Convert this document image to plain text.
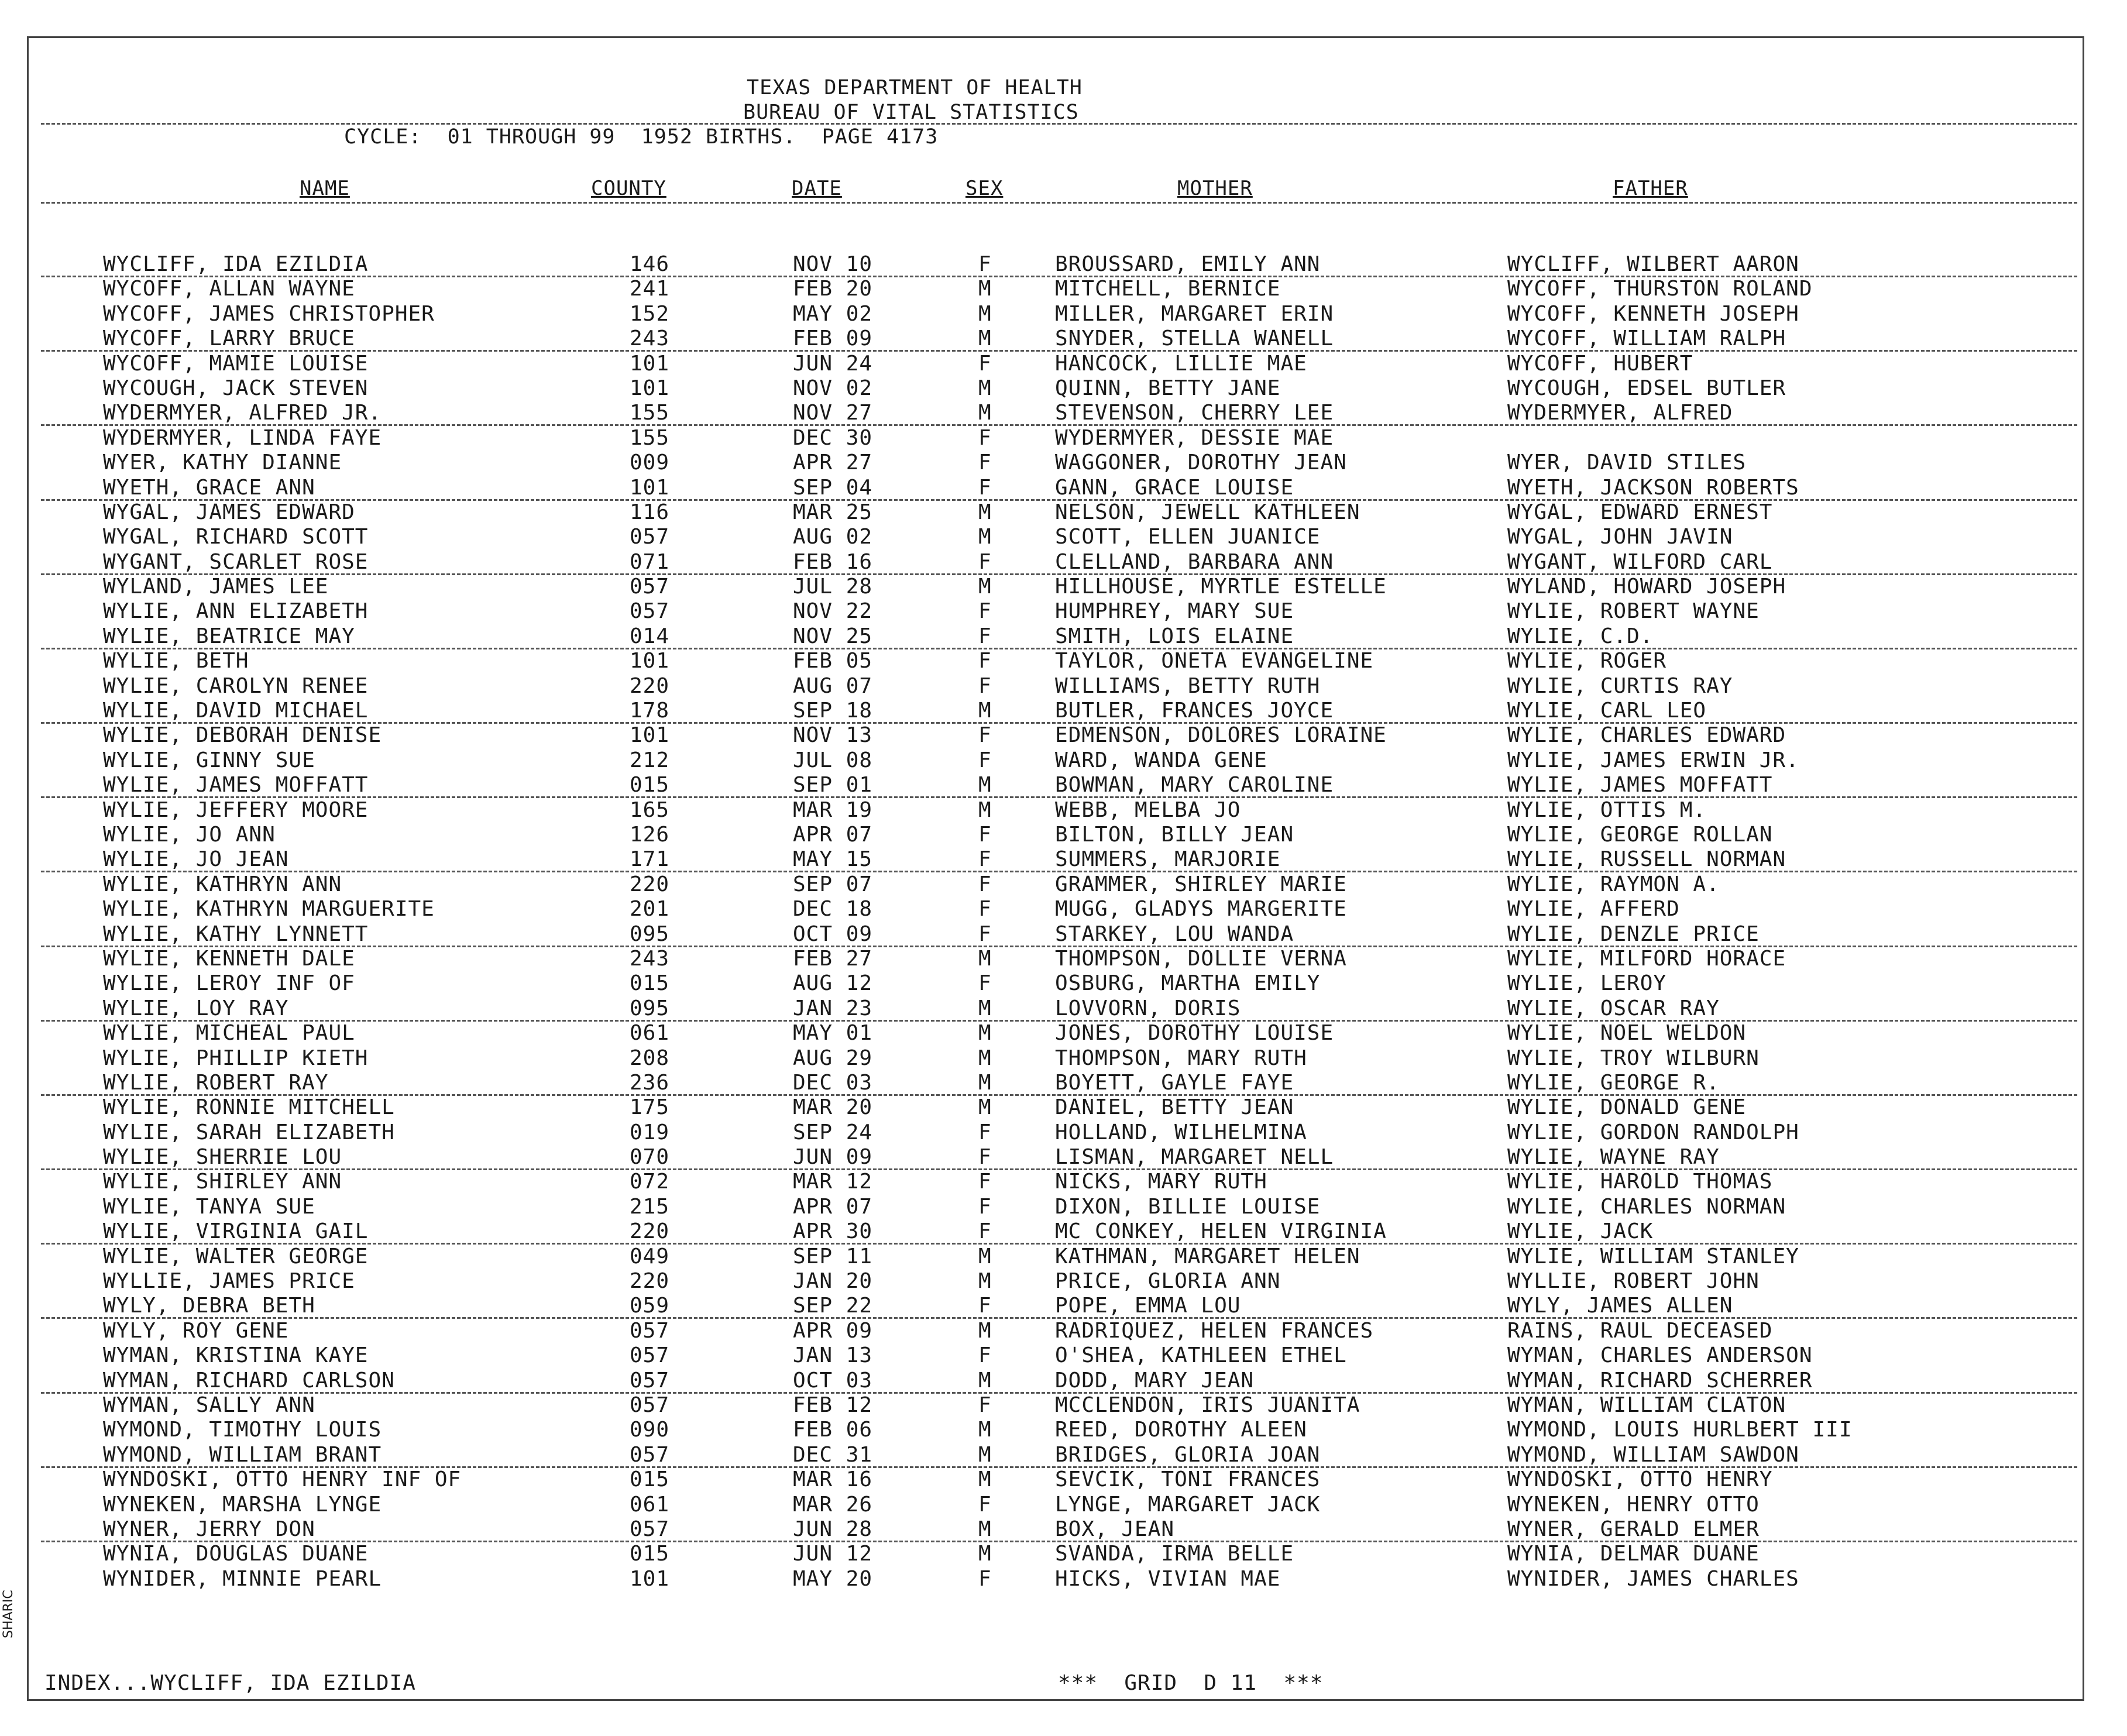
TEXAS DEPARTMENT OF HEALTH
BUREAU OF VITAL STATISTICS
CYCLE:  01 THROUGH 99  1952 BIRTHS.  PAGE 4173
NAME	COUNTY	DATE	SEX	MOTHER	FATHER
WYCLIFF, IDA EZILDIA	146	NOV 10	F	BROUSSARD, EMILY ANN	WYCLIFF, WILBERT AARON
WYCOFF, ALLAN WAYNE	241	FEB 20	M	MITCHELL, BERNICE	WYCOFF, THURSTON ROLAND
WYCOFF, JAMES CHRISTOPHER	152	MAY 02	M	MILLER, MARGARET ERIN	WYCOFF, KENNETH JOSEPH
WYCOFF, LARRY BRUCE	243	FEB 09	M	SNYDER, STELLA WANELL	WYCOFF, WILLIAM RALPH
WYCOFF, MAMIE LOUISE	101	JUN 24	F	HANCOCK, LILLIE MAE	WYCOFF, HUBERT
WYCOUGH, JACK STEVEN	101	NOV 02	M	QUINN, BETTY JANE	WYCOUGH, EDSEL BUTLER
WYDERMYER, ALFRED JR.	155	NOV 27	M	STEVENSON, CHERRY LEE	WYDERMYER, ALFRED
WYDERMYER, LINDA FAYE	155	DEC 30	F	WYDERMYER, DESSIE MAE
WYER, KATHY DIANNE	009	APR 27	F	WAGGONER, DOROTHY JEAN	WYER, DAVID STILES
WYETH, GRACE ANN	101	SEP 04	F	GANN, GRACE LOUISE	WYETH, JACKSON ROBERTS
WYGAL, JAMES EDWARD	116	MAR 25	M	NELSON, JEWELL KATHLEEN	WYGAL, EDWARD ERNEST
WYGAL, RICHARD SCOTT	057	AUG 02	M	SCOTT, ELLEN JUANICE	WYGAL, JOHN JAVIN
WYGANT, SCARLET ROSE	071	FEB 16	F	CLELLAND, BARBARA ANN	WYGANT, WILFORD CARL
WYLAND, JAMES LEE	057	JUL 28	M	HILLHOUSE, MYRTLE ESTELLE	WYLAND, HOWARD JOSEPH
WYLIE, ANN ELIZABETH	057	NOV 22	F	HUMPHREY, MARY SUE	WYLIE, ROBERT WAYNE
WYLIE, BEATRICE MAY	014	NOV 25	F	SMITH, LOIS ELAINE	WYLIE, C.D.
WYLIE, BETH	101	FEB 05	F	TAYLOR, ONETA EVANGELINE	WYLIE, ROGER
WYLIE, CAROLYN RENEE	220	AUG 07	F	WILLIAMS, BETTY RUTH	WYLIE, CURTIS RAY
WYLIE, DAVID MICHAEL	178	SEP 18	M	BUTLER, FRANCES JOYCE	WYLIE, CARL LEO
WYLIE, DEBORAH DENISE	101	NOV 13	F	EDMENSON, DOLORES LORAINE	WYLIE, CHARLES EDWARD
WYLIE, GINNY SUE	212	JUL 08	F	WARD, WANDA GENE	WYLIE, JAMES ERWIN JR.
WYLIE, JAMES MOFFATT	015	SEP 01	M	BOWMAN, MARY CAROLINE	WYLIE, JAMES MOFFATT
WYLIE, JEFFERY MOORE	165	MAR 19	M	WEBB, MELBA JO	WYLIE, OTTIS M.
WYLIE, JO ANN	126	APR 07	F	BILTON, BILLY JEAN	WYLIE, GEORGE ROLLAN
WYLIE, JO JEAN	171	MAY 15	F	SUMMERS, MARJORIE	WYLIE, RUSSELL NORMAN
WYLIE, KATHRYN ANN	220	SEP 07	F	GRAMMER, SHIRLEY MARIE	WYLIE, RAYMON A.
WYLIE, KATHRYN MARGUERITE	201	DEC 18	F	MUGG, GLADYS MARGERITE	WYLIE, AFFERD
WYLIE, KATHY LYNNETT	095	OCT 09	F	STARKEY, LOU WANDA	WYLIE, DENZLE PRICE
WYLIE, KENNETH DALE	243	FEB 27	M	THOMPSON, DOLLIE VERNA	WYLIE, MILFORD HORACE
WYLIE, LEROY INF OF	015	AUG 12	F	OSBURG, MARTHA EMILY	WYLIE, LEROY
WYLIE, LOY RAY	095	JAN 23	M	LOVVORN, DORIS	WYLIE, OSCAR RAY
WYLIE, MICHEAL PAUL	061	MAY 01	M	JONES, DOROTHY LOUISE	WYLIE, NOEL WELDON
WYLIE, PHILLIP KIETH	208	AUG 29	M	THOMPSON, MARY RUTH	WYLIE, TROY WILBURN
WYLIE, ROBERT RAY	236	DEC 03	M	BOYETT, GAYLE FAYE	WYLIE, GEORGE R.
WYLIE, RONNIE MITCHELL	175	MAR 20	M	DANIEL, BETTY JEAN	WYLIE, DONALD GENE
WYLIE, SARAH ELIZABETH	019	SEP 24	F	HOLLAND, WILHELMINA	WYLIE, GORDON RANDOLPH
WYLIE, SHERRIE LOU	070	JUN 09	F	LISMAN, MARGARET NELL	WYLIE, WAYNE RAY
WYLIE, SHIRLEY ANN	072	MAR 12	F	NICKS, MARY RUTH	WYLIE, HAROLD THOMAS
WYLIE, TANYA SUE	215	APR 07	F	DIXON, BILLIE LOUISE	WYLIE, CHARLES NORMAN
WYLIE, VIRGINIA GAIL	220	APR 30	F	MC CONKEY, HELEN VIRGINIA	WYLIE, JACK
WYLIE, WALTER GEORGE	049	SEP 11	M	KATHMAN, MARGARET HELEN	WYLIE, WILLIAM STANLEY
WYLLIE, JAMES PRICE	220	JAN 20	M	PRICE, GLORIA ANN	WYLLIE, ROBERT JOHN
WYLY, DEBRA BETH	059	SEP 22	F	POPE, EMMA LOU	WYLY, JAMES ALLEN
WYLY, ROY GENE	057	APR 09	M	RADRIQUEZ, HELEN FRANCES	RAINS, RAUL DECEASED
WYMAN, KRISTINA KAYE	057	JAN 13	F	O'SHEA, KATHLEEN ETHEL	WYMAN, CHARLES ANDERSON
WYMAN, RICHARD CARLSON	057	OCT 03	M	DODD, MARY JEAN	WYMAN, RICHARD SCHERRER
WYMAN, SALLY ANN	057	FEB 12	F	MCCLENDON, IRIS JUANITA	WYMAN, WILLIAM CLATON
WYMOND, TIMOTHY LOUIS	090	FEB 06	M	REED, DOROTHY ALEEN	WYMOND, LOUIS HURLBERT III
WYMOND, WILLIAM BRANT	057	DEC 31	M	BRIDGES, GLORIA JOAN	WYMOND, WILLIAM SAWDON
WYNDOSKI, OTTO HENRY INF OF	015	MAR 16	M	SEVCIK, TONI FRANCES	WYNDOSKI, OTTO HENRY
WYNEKEN, MARSHA LYNGE	061	MAR 26	F	LYNGE, MARGARET JACK	WYNEKEN, HENRY OTTO
WYNER, JERRY DON	057	JUN 28	M	BOX, JEAN	WYNER, GERALD ELMER
WYNIA, DOUGLAS DUANE	015	JUN 12	M	SVANDA, IRMA BELLE	WYNIA, DELMAR DUANE
WYNIDER, MINNIE PEARL	101	MAY 20	F	HICKS, VIVIAN MAE	WYNIDER, JAMES CHARLES
INDEX...WYCLIFF, IDA EZILDIA	***  GRID  D 11  ***
SHARIC
